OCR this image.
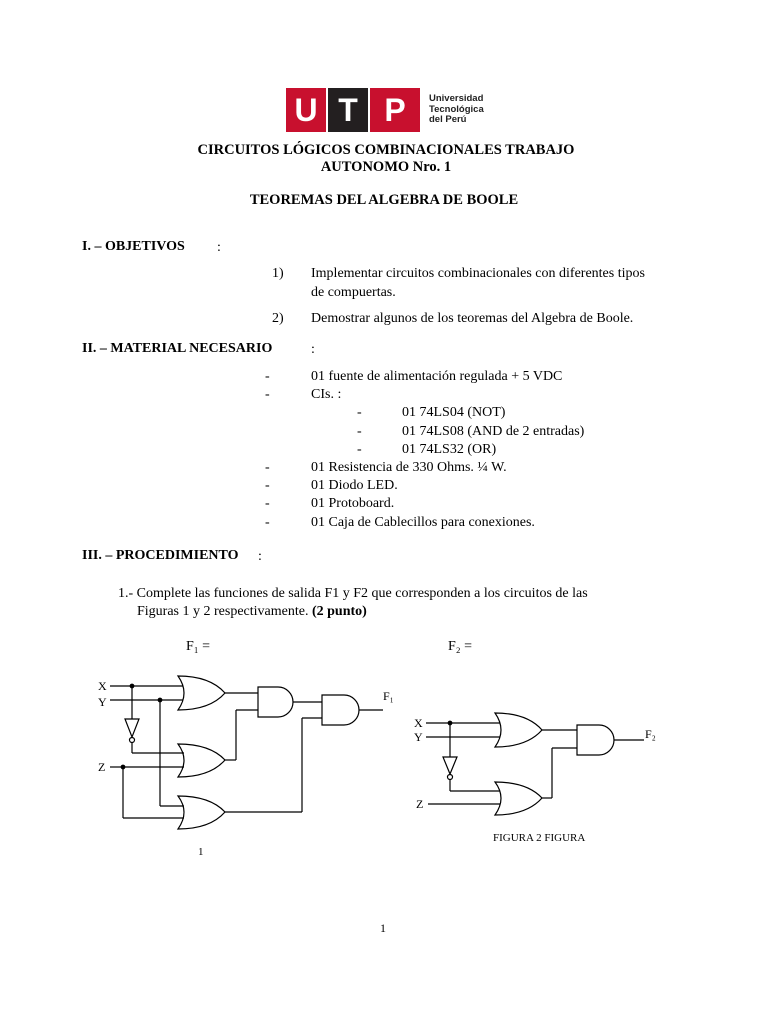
U T P	Universidad
Tecnológica
del Perú
CIRCUITOS LÓGICOS COMBINACIONALES TRABAJO
AUTONOMO Nro. 1
TEOREMAS DEL ALGEBRA DE BOOLE
I. – OBJETIVOS :
1) Implementar circuitos combinacionales con diferentes tipos
de compuertas.
2) Demostrar algunos de los teoremas del Algebra de Boole.
II. – MATERIAL NECESARIO	:
-	01 fuente de alimentación regulada + 5 VDC
-	CIs. :
-	01 74LS04 (NOT)
-	01 74LS08 (AND de 2 entradas)
-	01 74LS32 (OR)
-	01 Resistencia de 330 Ohms. ¼ W.
-	01 Diodo LED.
-	01 Protoboard.
-	01 Caja de Cablecillos para conexiones.
III. – PROCEDIMIENTO :
1.- Complete las funciones de salida F1 y F2 que corresponden a los circuitos de las
Figuras 1 y 2 respectivamente. (2 punto)
F₁ =	F₂ =
X
Y
Z
F₁
X
Y
Z
F₂
1
FIGURA 2 FIGURA
1
